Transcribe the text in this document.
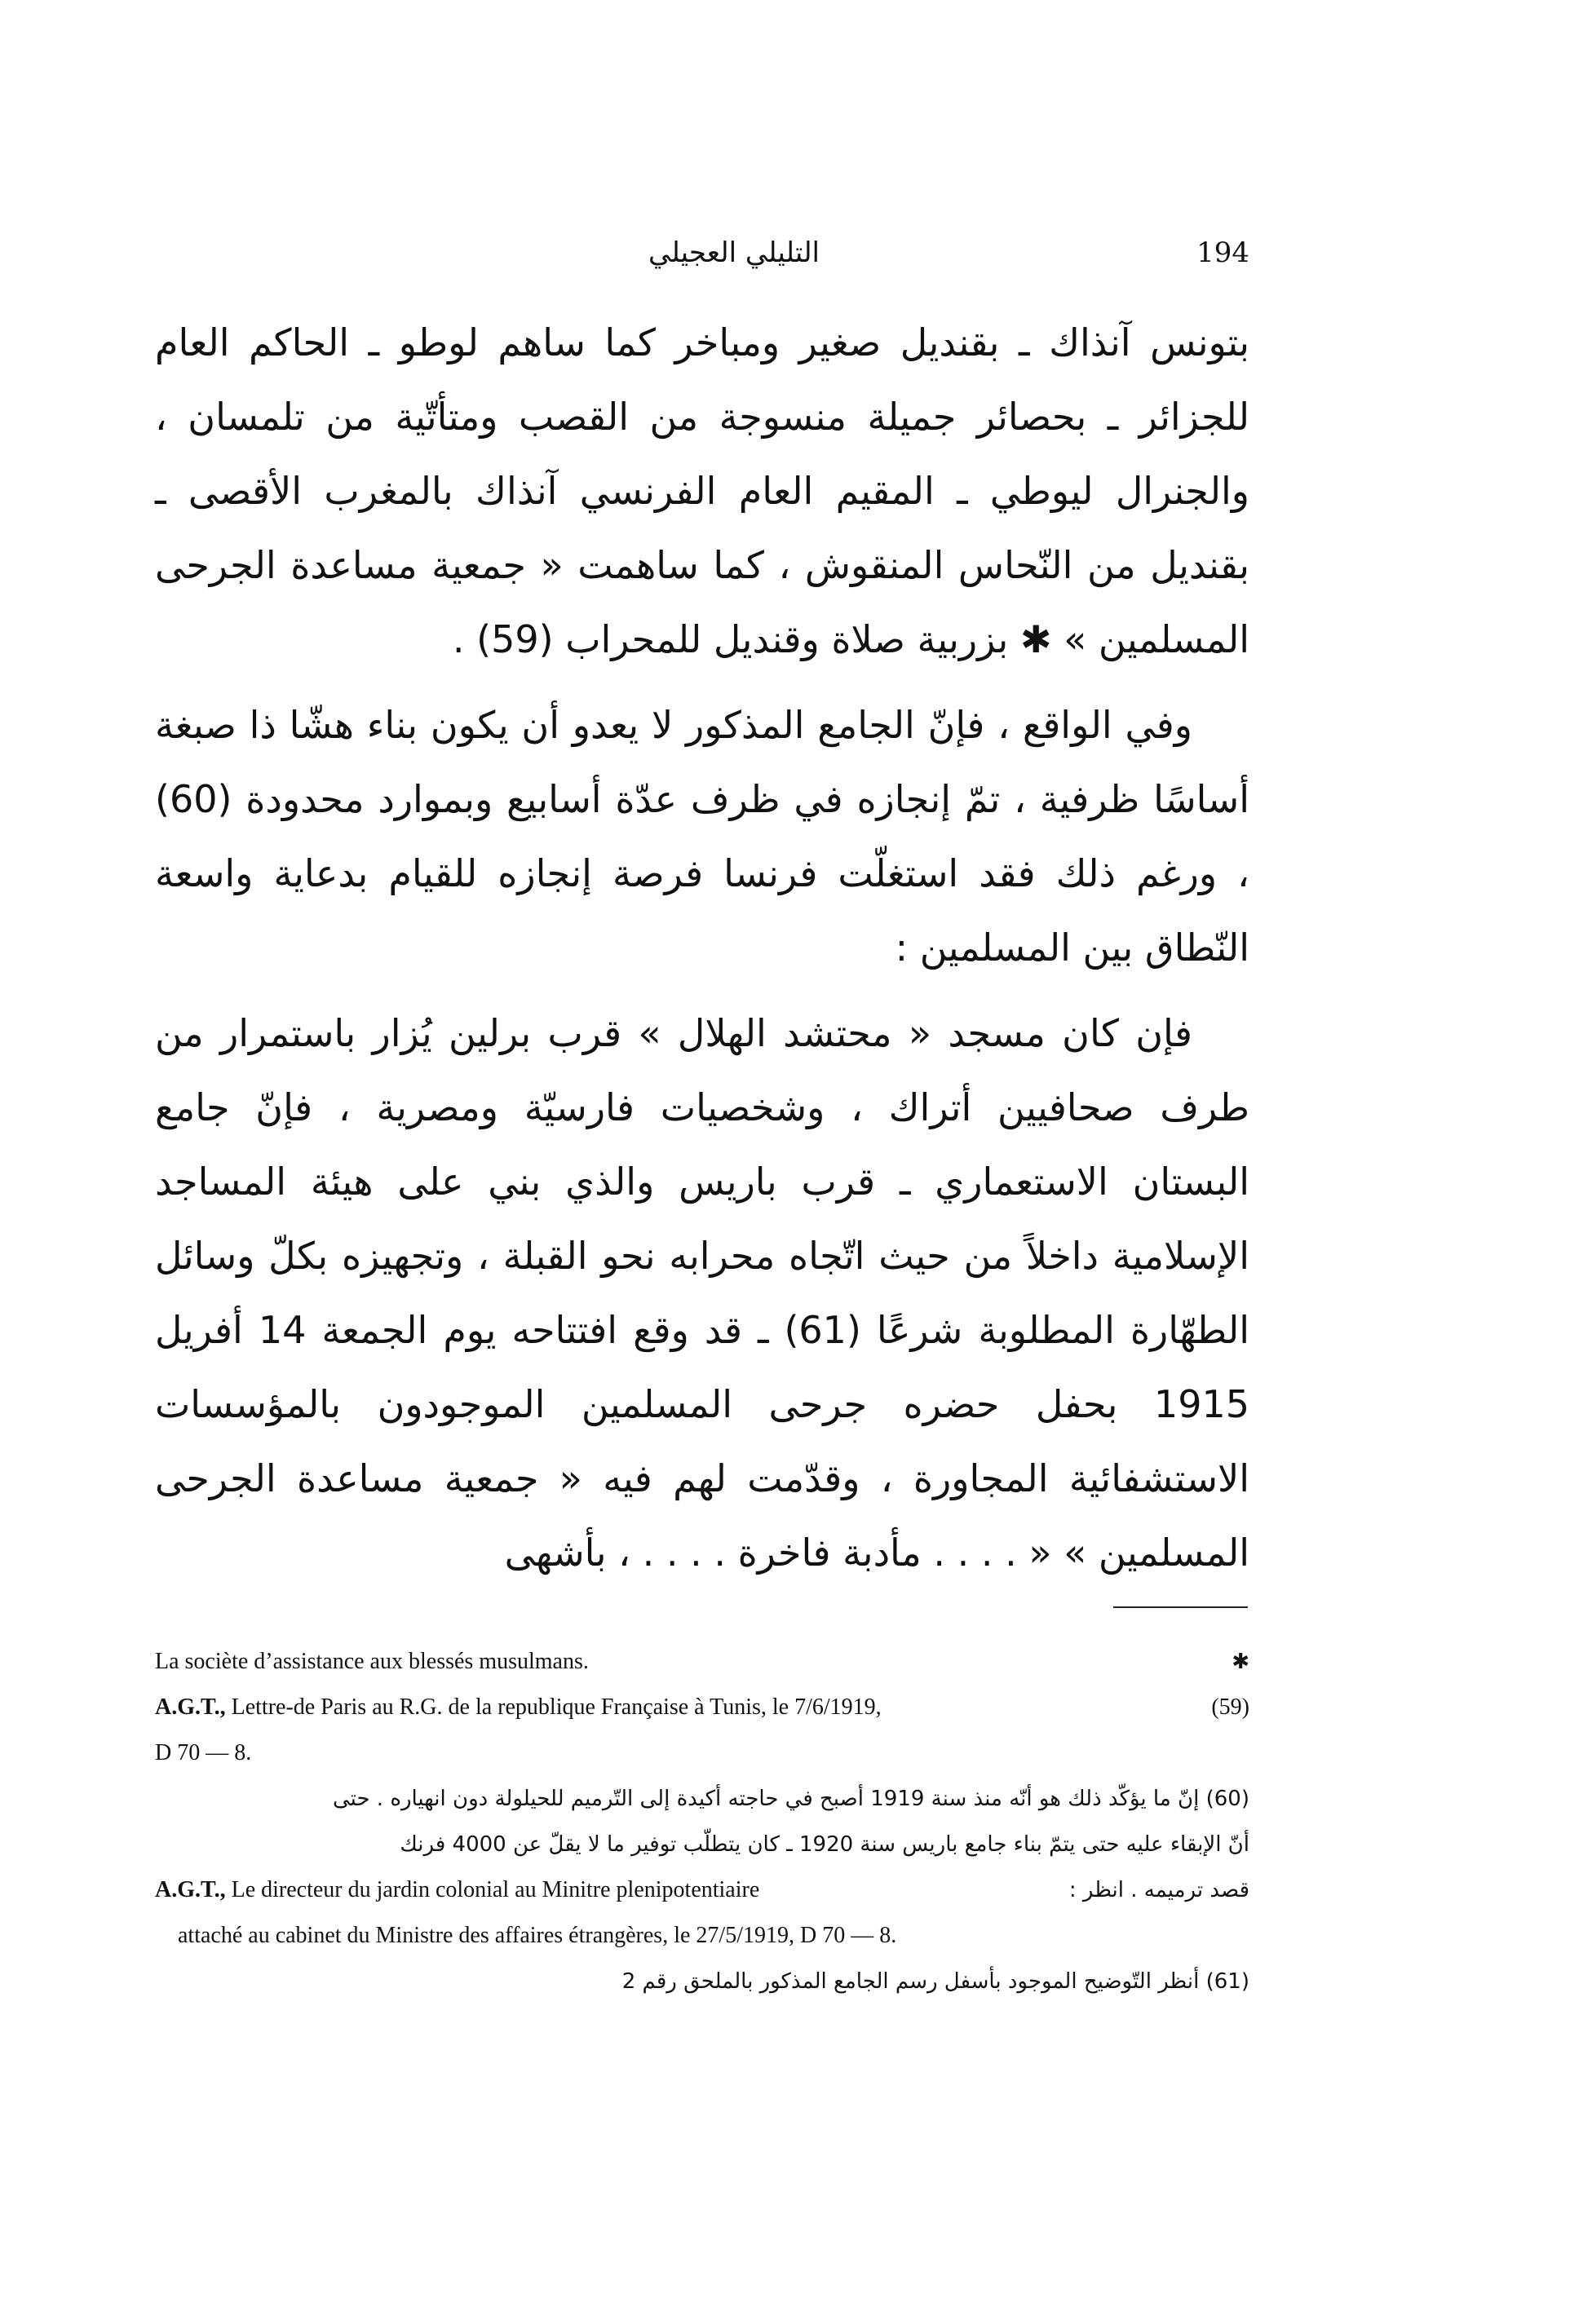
التليلي العجيلي	194

بتونس آنذاك ـ بقنديل صغير ومباخر كما ساهم لوطو ـ الحاكم العام للجزائر ـ بحصائر جميلة منسوجة من القصب ومتأتّية من تلمسان ، والجنرال ليوطي ـ المقيم العام الفرنسي آنذاك بالمغرب الأقصى ـ بقنديل من النّحاس المنقوش ، كما ساهمت « جمعية مساعدة الجرحى المسلمين » ✱ بزربية صلاة وقنديل للمحراب (59) .

وفي الواقع ، فإنّ الجامع المذكور لا يعدو أن يكون بناء هشّا ذا صبغة أساسًا ظرفية ، تمّ إنجازه في ظرف عدّة أسابيع وبموارد محدودة (60) ، ورغم ذلك فقد استغلّت فرنسا فرصة إنجازه للقيام بدعاية واسعة النّطاق بين المسلمين :

فإن كان مسجد « محتشد الهلال » قرب برلين يُزار باستمرار من طرف صحافيين أتراك ، وشخصيات فارسيّة ومصرية ، فإنّ جامع البستان الاستعماري ـ قرب باريس والذي بني على هيئة المساجد الإسلامية داخلاً من حيث اتّجاه محرابه نحو القبلة ، وتجهيزه بكلّ وسائل الطهّارة المطلوبة شرعًا (61) ـ قد وقع افتتاحه يوم الجمعة 14 أفريل 1915 بحفل حضره جرحى المسلمين الموجودون بالمؤسسات الاستشفائية المجاورة ، وقدّمت لهم فيه « جمعية مساعدة الجرحى المسلمين » « . . . . مأدبة فاخرة . . . . ، بأشهى

La sociète d’assistance aux blessés musulmans.	✱
A.G.T., Lettre-de Paris au R.G. de la republique Française à Tunis, le 7/6/1919,	(59)
D 70 — 8.
(60) إنّ ما يؤكّد ذلك هو أنّه منذ سنة 1919 أصبح في حاجته أكيدة إلى التّرميم للحيلولة دون انهياره . حتى
أنّ الإبقاء عليه حتى يتمّ بناء جامع باريس سنة 1920 ـ كان يتطلّب توفير ما لا يقلّ عن 4000 فرنك
A.G.T., Le directeur du jardin colonial au Minitre plenipotentiaire	قصد ترميمه . انظر :
attaché au cabinet du Ministre des affaires étrangères, le 27/5/1919, D 70 — 8.
(61) أنظر التّوضيح الموجود بأسفل رسم الجامع المذكور بالملحق رقم 2
